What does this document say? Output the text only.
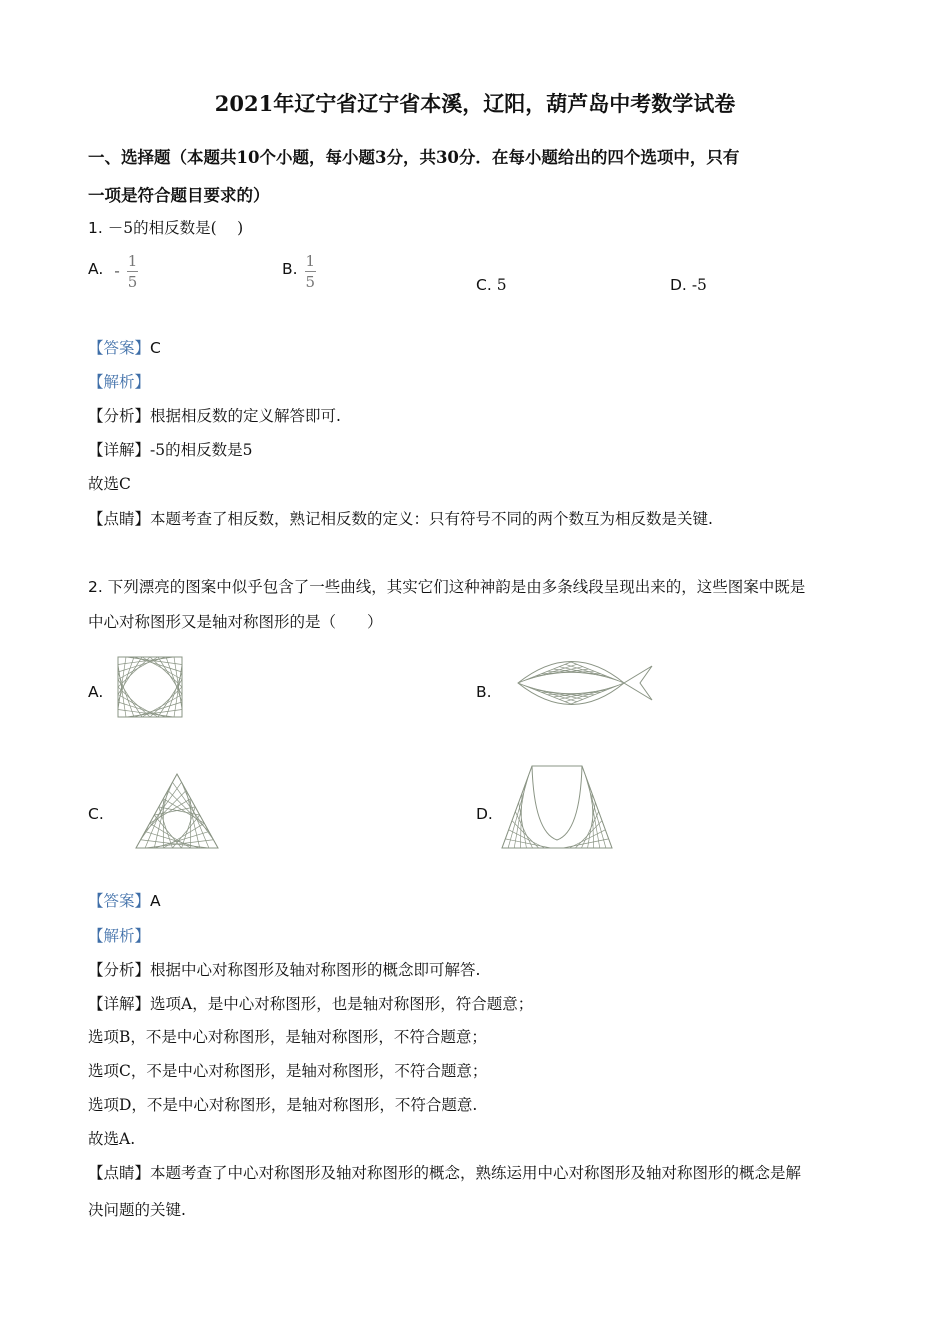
2021年辽宁省辽宁省本溪，辽阳，葫芦岛中考数学试卷
一、选择题（本题共10个小题，每小题3分，共30分．在每小题给出的四个选项中，只有
一项是符合题目要求的）
1. －5的相反数是(　 )
A. - $\frac{1}{5}$	B. $\frac{1}{5}$	C. 5	D. -5
【答案】C
【解析】
【分析】根据相反数的定义解答即可.
【详解】-5的相反数是5
故选C
【点睛】本题考查了相反数，熟记相反数的定义：只有符号不同的两个数互为相反数是关键.
2. 下列漂亮的图案中似乎包含了一些曲线，其实它们这种神韵是由多条线段呈现出来的，这些图案中既是
中心对称图形又是轴对称图形的是（　　）
A.	B.
C.	D.
【答案】A
【解析】
【分析】根据中心对称图形及轴对称图形的概念即可解答.
【详解】选项A，是中心对称图形，也是轴对称图形，符合题意；
选项B，不是中心对称图形，是轴对称图形，不符合题意；
选项C，不是中心对称图形，是轴对称图形，不符合题意；
选项D，不是中心对称图形，是轴对称图形，不符合题意.
故选A.
【点睛】本题考查了中心对称图形及轴对称图形的概念，熟练运用中心对称图形及轴对称图形的概念是解
决问题的关键.
